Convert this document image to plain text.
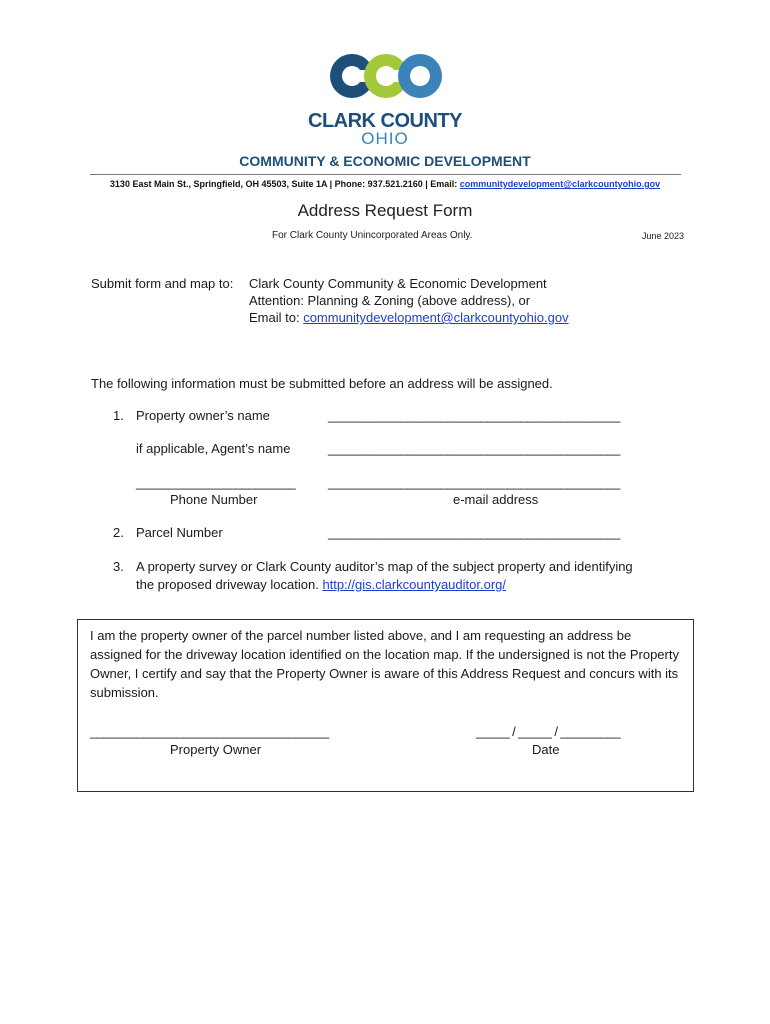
CLARK COUNTY
OHIO
COMMUNITY & ECONOMIC DEVELOPMENT
3130 East Main St., Springfield, OH 45503, Suite 1A | Phone: 937.521.2160 | Email: communitydevelopment@clarkcountyohio.gov
Address Request Form
For Clark County Unincorporated Areas Only.	June 2023
Submit form and map to: Clark County Community & Economic Development
Attention: Planning & Zoning (above address), or
Email to: communitydevelopment@clarkcountyohio.gov
The following information must be submitted before an address will be assigned.
1. Property owner’s name	____________________________________________
if applicable, Agent’s name	____________________________________________
________________________	____________________________________________
Phone Number	e-mail address
2. Parcel Number	____________________________________________
3. A property survey or Clark County auditor’s map of the subject property and identifying
the proposed driveway location. http://gis.clarkcountyauditor.org/
I am the property owner of the parcel number listed above, and I am requesting an address be assigned for the driveway location identified on the location map. If the undersigned is not the Property Owner, I certify and say that the Property Owner is aware of this Address Request and concurs with its submission.
____________________________________
Property Owner
_____ / _____ / _________
Date
